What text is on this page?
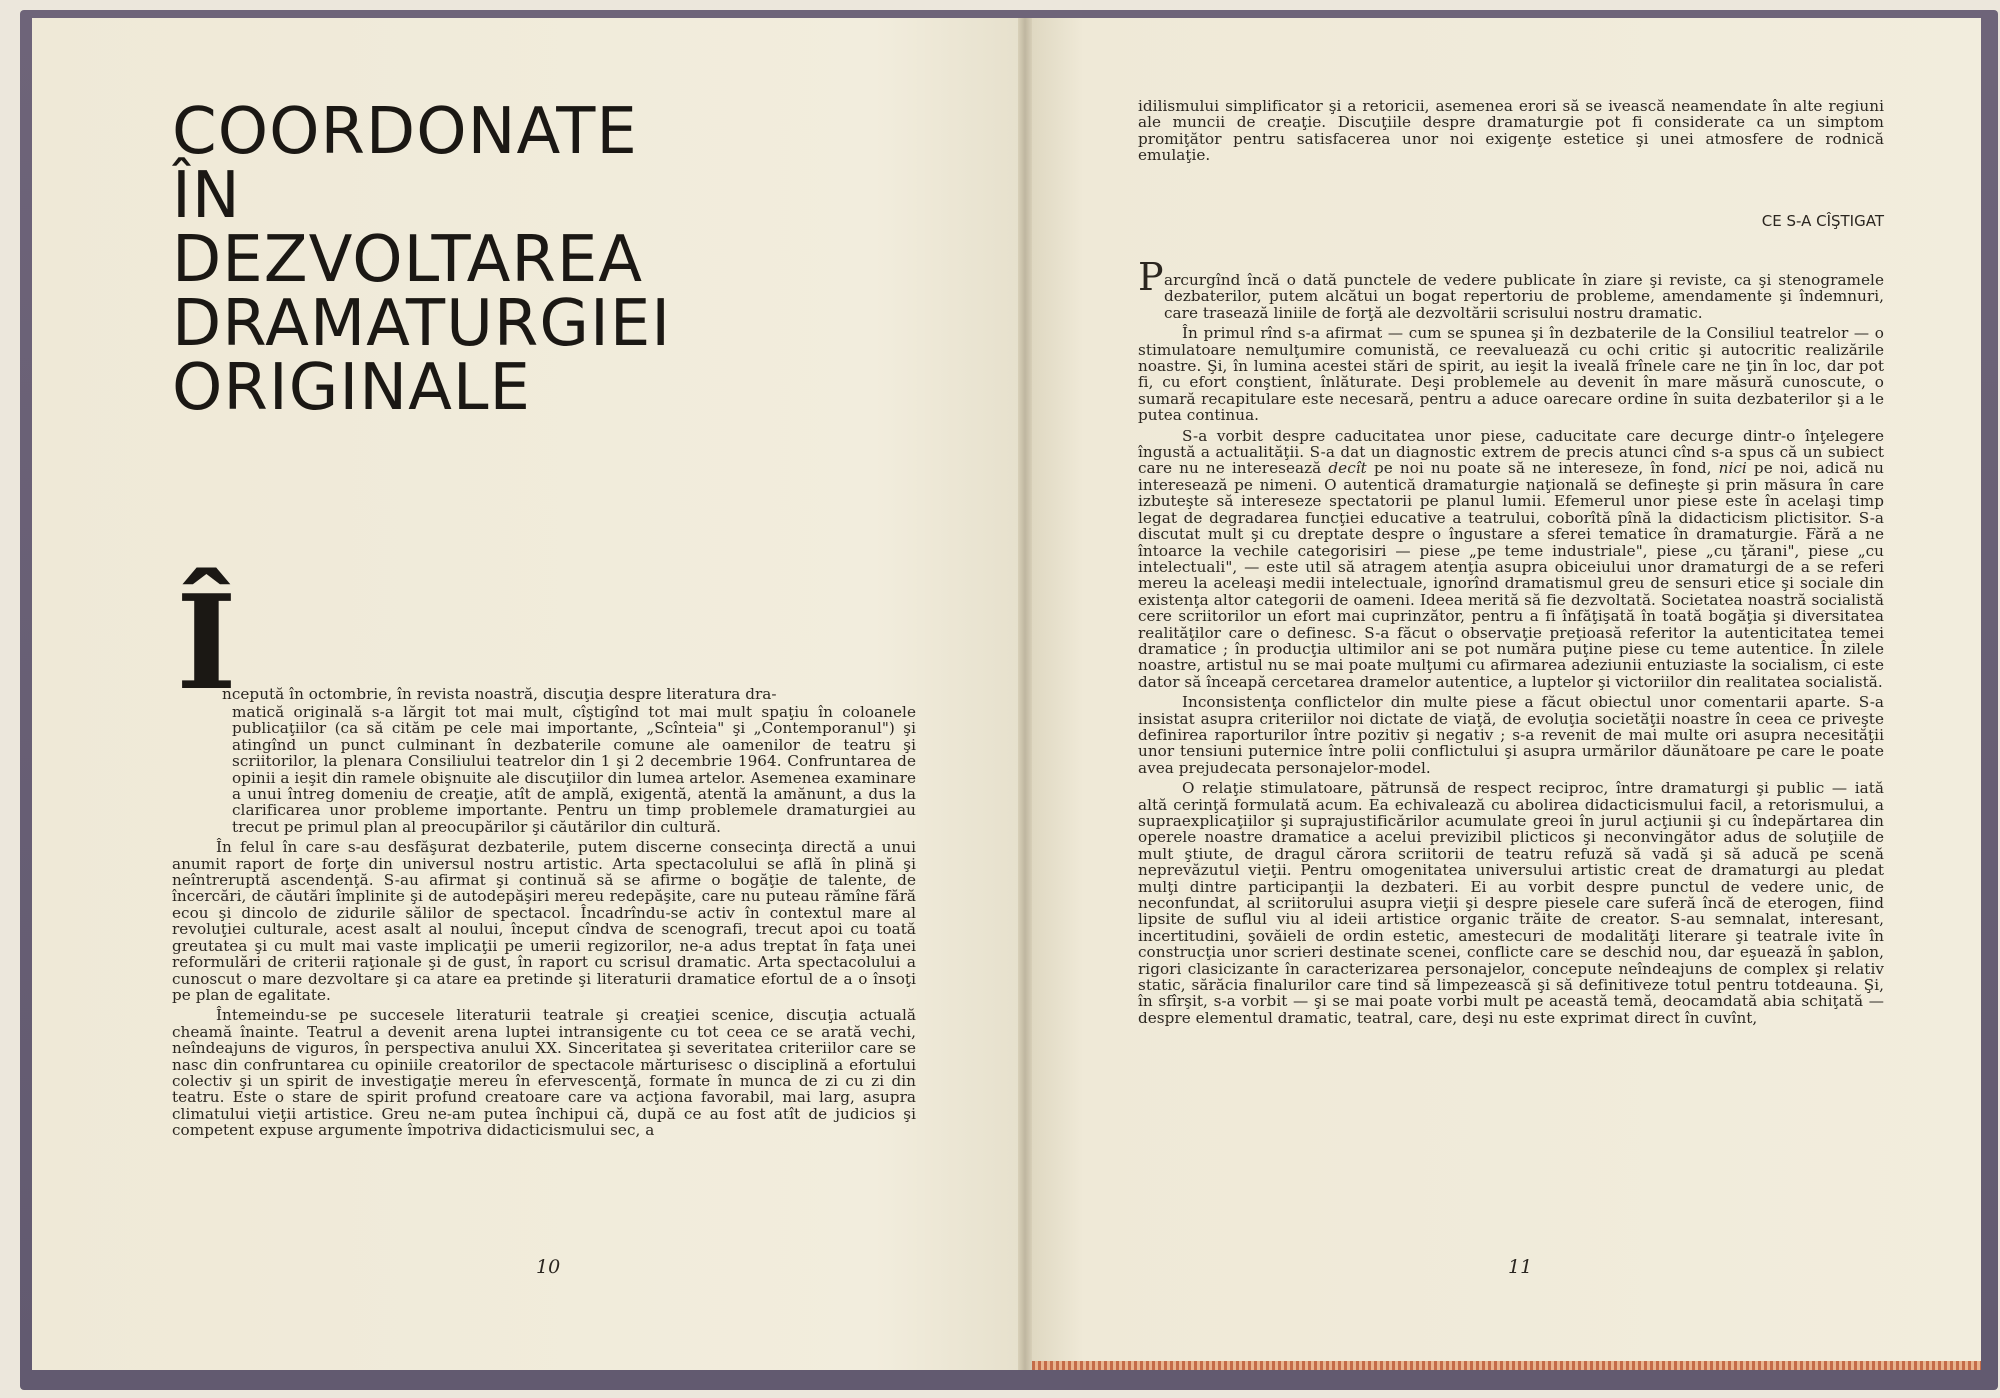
COORDONATE
ÎN
DEZVOLTAREA
DRAMATURGIEI
ORIGINALE
Î

ncepută în octombrie, în revista noastră, discuţia despre literatura dra-

matică originală s-a lărgit tot mai mult, cîştigînd tot mai mult spaţiu în coloanele publicaţiilor (ca să cităm pe cele mai importante, „Scînteia" şi „Contemporanul") şi atingînd un punct culminant în dezbaterile comune ale oamenilor de teatru şi scriitorilor, la plenara Consiliului teatrelor din 1 şi 2 decembrie 1964. Confruntarea de opinii a ieşit din ramele obişnuite ale discuţiilor din lumea artelor. Asemenea examinare a unui întreg domeniu de creaţie, atît de amplă, exigentă, atentă la amănunt, a dus la clarificarea unor probleme importante. Pentru un timp problemele dramaturgiei au trecut pe primul plan al preocupărilor şi căutărilor din cultură.

În felul în care s-au desfăşurat dezbaterile, putem discerne consecinţa directă a unui anumit raport de forţe din universul nostru artistic. Arta spectacolului se află în plină şi neîntreruptă ascendenţă. S-au afirmat şi continuă să se afirme o bogăţie de talente, de încercări, de căutări împlinite şi de autodepăşiri mereu redepăşite, care nu puteau rămîne fără ecou şi dincolo de zidurile sălilor de spectacol. Încadrîndu-se activ în contextul mare al revoluţiei culturale, acest asalt al noului, început cîndva de scenografi, trecut apoi cu toată greutatea şi cu mult mai vaste implicaţii pe umerii regizorilor, ne-a adus treptat în faţa unei reformulări de criterii raţionale şi de gust, în raport cu scrisul dramatic. Arta spectacolului a cunoscut o mare dezvoltare şi ca atare ea pretinde şi literaturii dramatice efortul de a o însoţi pe plan de egalitate.

Întemeindu-se pe succesele literaturii teatrale şi creaţiei scenice, discuţia actuală cheamă înainte. Teatrul a devenit arena luptei intransigente cu tot ceea ce se arată vechi, neîndeajuns de viguros, în perspectiva anului XX. Sinceritatea şi severitatea criteriilor care se nasc din confruntarea cu opiniile creatorilor de spectacole mărturisesc o disciplină a efortului colectiv şi un spirit de investigaţie mereu în efervescenţă, formate în munca de zi cu zi din teatru. Este o stare de spirit profund creatoare care va acţiona favorabil, mai larg, asupra climatului vieţii artistice. Greu ne-am putea închipui că, după ce au fost atît de judicios şi competent expuse argumente împotriva didacticismului sec, a

10

idilismului simplificator şi a retoricii, asemenea erori să se ivească neamendate în alte regiuni ale muncii de creaţie. Discuţiile despre dramaturgie pot fi considerate ca un simptom promiţător pentru satisfacerea unor noi exigenţe estetice şi unei atmosfere de rodnică emulaţie.

CE S-A CÎŞTIGAT
P arcurgînd încă o dată punctele de vedere publicate în ziare şi reviste, ca şi stenogramele dezbaterilor, putem alcătui un bogat repertoriu de probleme, amendamente şi îndemnuri, care trasează liniile de forţă ale dezvoltării scrisului nostru dramatic.

În primul rînd s-a afirmat — cum se spunea şi în dezbaterile de la Consiliul teatrelor — o stimulatoare nemulţumire comunistă, ce reevaluează cu ochi critic şi autocritic realizările noastre. Şi, în lumina acestei stări de spirit, au ieşit la iveală frînele care ne ţin în loc, dar pot fi, cu efort conştient, înlăturate. Deşi problemele au devenit în mare măsură cunoscute, o sumară recapitulare este necesară, pentru a aduce oarecare ordine în suita dezbaterilor şi a le putea continua.

S-a vorbit despre caducitatea unor piese, caducitate care decurge dintr-o înţelegere îngustă a actualităţii. S-a dat un diagnostic extrem de precis atunci cînd s-a spus că un subiect care nu ne interesează decît pe noi nu poate să ne intereseze, în fond, nici pe noi, adică nu interesează pe nimeni. O autentică dramaturgie naţională se defineşte şi prin măsura în care izbuteşte să intereseze spectatorii pe planul lumii. Efemerul unor piese este în acelaşi timp legat de degradarea funcţiei educative a teatrului, coborîtă pînă la didacticism plictisitor. S-a discutat mult şi cu dreptate despre o îngustare a sferei tematice în dramaturgie. Fără a ne întoarce la vechile categorisiri — piese „pe teme industriale", piese „cu ţărani", piese „cu intelectuali", — este util să atragem atenţia asupra obiceiului unor dramaturgi de a se referi mereu la aceleaşi medii intelectuale, ignorînd dramatismul greu de sensuri etice şi sociale din existenţa altor categorii de oameni. Ideea merită să fie dezvoltată. Societatea noastră socialistă cere scriitorilor un efort mai cuprinzător, pentru a fi înfăţişată în toată bogăţia şi diversitatea realităţilor care o definesc. S-a făcut o observaţie preţioasă referitor la autenticitatea temei dramatice ; în producţia ultimilor ani se pot număra puţine piese cu teme autentice. În zilele noastre, artistul nu se mai poate mulţumi cu afirmarea adeziunii entuziaste la socialism, ci este dator să înceapă cercetarea dramelor autentice, a luptelor şi victoriilor din realitatea socialistă.

Inconsistenţa conflictelor din multe piese a făcut obiectul unor comentarii aparte. S-a insistat asupra criteriilor noi dictate de viaţă, de evoluţia societăţii noastre în ceea ce priveşte definirea raporturilor între pozitiv şi negativ ; s-a revenit de mai multe ori asupra necesităţii unor tensiuni puternice între polii conflictului şi asupra urmărilor dăunătoare pe care le poate avea prejudecata personajelor-model.

O relaţie stimulatoare, pătrunsă de respect reciproc, între dramaturgi şi public — iată altă cerinţă formulată acum. Ea echivalează cu abolirea didacticismului facil, a retorismului, a supraexplicaţiilor şi suprajustificărilor acumulate greoi în jurul acţiunii şi cu îndepărtarea din operele noastre dramatice a acelui previzibil plicticos şi neconvingător adus de soluţiile de mult ştiute, de dragul cărora scriitorii de teatru refuză să vadă şi să aducă pe scenă neprevăzutul vieţii. Pentru omogenitatea universului artistic creat de dramaturgi au pledat mulţi dintre participanţii la dezbateri. Ei au vorbit despre punctul de vedere unic, de neconfundat, al scriitorului asupra vieţii şi despre piesele care suferă încă de eterogen, fiind lipsite de suflul viu al ideii artistice organic trăite de creator. S-au semnalat, interesant, incertitudini, şovăieli de ordin estetic, amestecuri de modalităţi literare şi teatrale ivite în construcţia unor scrieri destinate scenei, conflicte care se deschid nou, dar eşuează în şablon, rigori clasicizante în caracterizarea personajelor, concepute neîndeajuns de complex şi relativ static, sărăcia finalurilor care tind să limpezească şi să definitiveze totul pentru totdeauna. Şi, în sfîrşit, s-a vorbit — şi se mai poate vorbi mult pe această temă, deocamdată abia schiţată — despre elementul dramatic, teatral, care, deşi nu este exprimat direct în cuvînt,

11
